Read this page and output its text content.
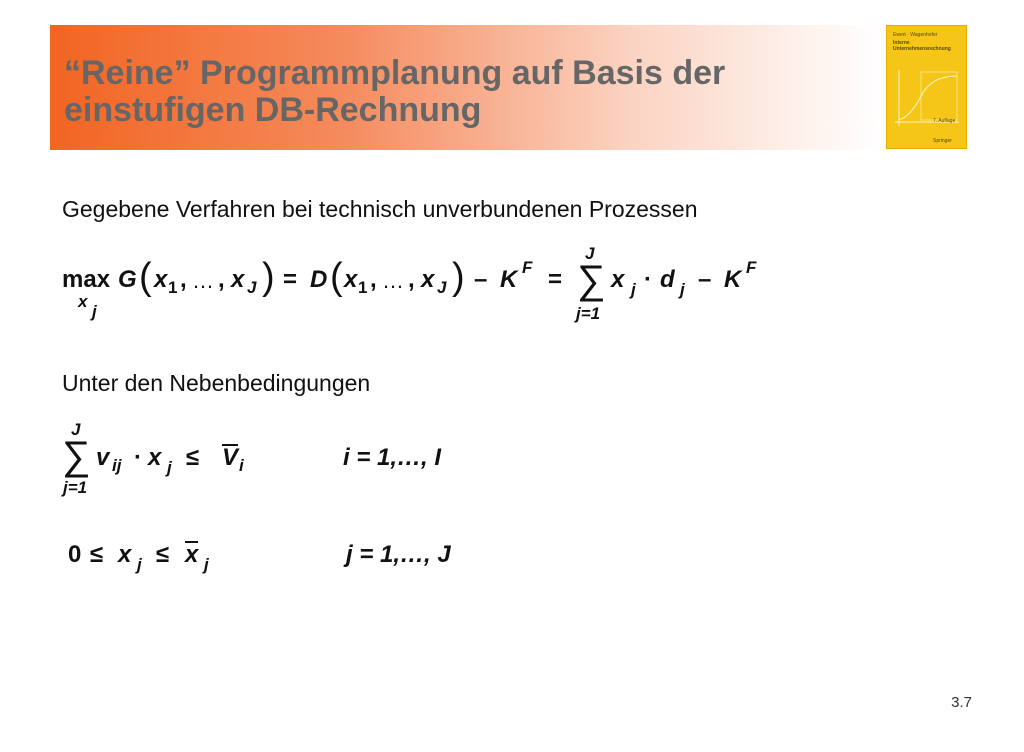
“Reine” Programmplanung auf Basis der
einstufigen DB-Rechnung
Ewert · Wagenhofer
Interne
Unternehmensrechnung
7. Auflage
Springer
Gegebene Verfahren bei technisch unverbundenen Prozessen
max
x
j
G ( x 1 , … , x J ) = D ( x 1 , … , x J ) – K F =
J
∑
j=1
x j · d j – K F
Unter den Nebenbedingungen
J
∑
j=1
v ij · x j ≤ V i	i = 1,…, I
0 ≤ x j ≤ x j	j = 1,…, J
3.7
